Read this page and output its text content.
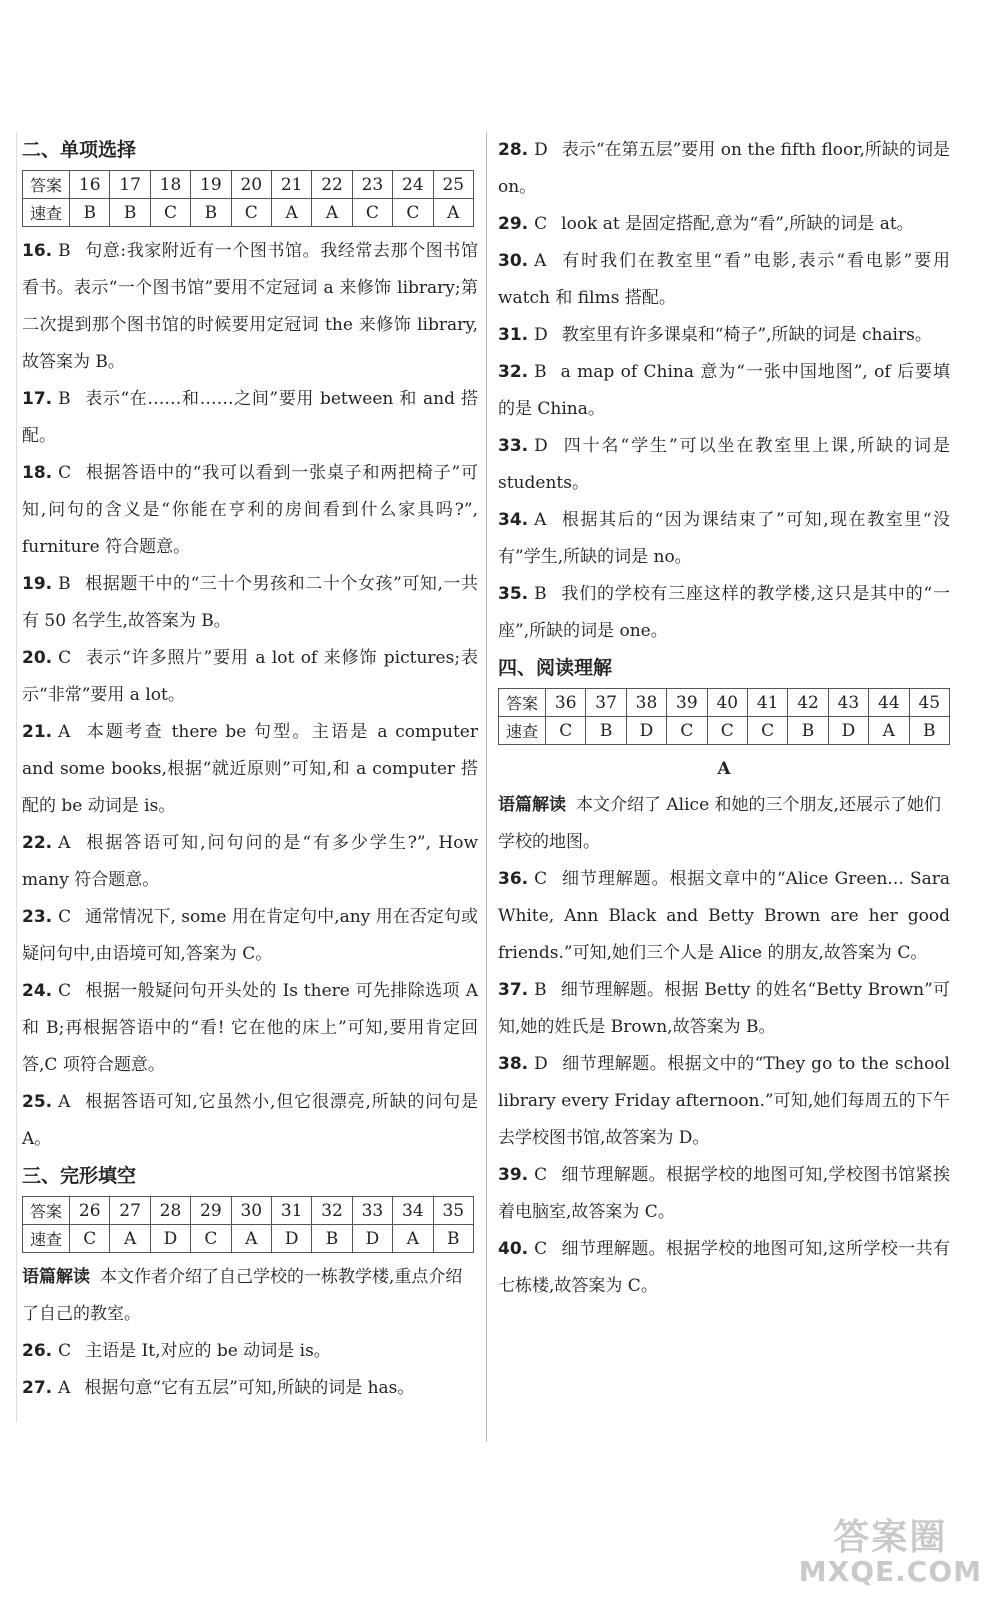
二、单项选择
答案	16	17	18	19	20	21	22	23	24	25
速查	B	B	C	B	C	A	A	C	C	A

16. B 句意:我家附近有一个图书馆。我经常去那个图书馆看书。表示“一个图书馆”要用不定冠词 a 来修饰 library;第二次提到那个图书馆的时候要用定冠词 the 来修饰 library,故答案为 B。

17. B 表示“在……和……之间”要用 between 和 and 搭配。

18. C 根据答语中的“我可以看到一张桌子和两把椅子”可知,问句的含义是“你能在亨利的房间看到什么家具吗?”, furniture 符合题意。

19. B 根据题干中的“三十个男孩和二十个女孩”可知,一共有 50 名学生,故答案为 B。

20. C 表示“许多照片”要用 a lot of 来修饰 pictures;表示“非常”要用 a lot。

21. A 本题考查 there be 句型。主语是 a computer and some books,根据“就近原则”可知,和 a computer 搭配的 be 动词是 is。

22. A 根据答语可知,问句问的是“有多少学生?”, How many 符合题意。

23. C 通常情况下, some 用在肯定句中,any 用在否定句或疑问句中,由语境可知,答案为 C。

24. C 根据一般疑问句开头处的 Is there 可先排除选项 A 和 B;再根据答语中的“看! 它在他的床上”可知,要用肯定回答,C 项符合题意。

25. A 根据答语可知,它虽然小,但它很漂亮,所缺的问句是 A。

三、完形填空
答案	26	27	28	29	30	31	32	33	34	35
速查	C	A	D	C	A	D	B	D	A	B

语篇解读 本文作者介绍了自己学校的一栋教学楼,重点介绍了自己的教室。

26. C 主语是 It,对应的 be 动词是 is。

27. A 根据句意“它有五层”可知,所缺的词是 has。

28. D 表示“在第五层”要用 on the fifth floor,所缺的词是 on。

29. C look at 是固定搭配,意为“看”,所缺的词是 at。

30. A 有时我们在教室里“看”电影,表示“看电影”要用 watch 和 films 搭配。

31. D 教室里有许多课桌和“椅子”,所缺的词是 chairs。

32. B a map of China 意为“一张中国地图”, of 后要填的是 China。

33. D 四十名“学生”可以坐在教室里上课,所缺的词是 students。

34. A 根据其后的“因为课结束了”可知,现在教室里“没有”学生,所缺的词是 no。

35. B 我们的学校有三座这样的教学楼,这只是其中的“一座”,所缺的词是 one。

四、阅读理解
答案	36	37	38	39	40	41	42	43	44	45
速查	C	B	D	C	C	C	B	D	A	B
A

语篇解读 本文介绍了 Alice 和她的三个朋友,还展示了她们学校的地图。

36. C 细节理解题。根据文章中的“Alice Green... Sara White, Ann Black and Betty Brown are her good friends.”可知,她们三个人是 Alice 的朋友,故答案为 C。

37. B 细节理解题。根据 Betty 的姓名“Betty Brown”可知,她的姓氏是 Brown,故答案为 B。

38. D 细节理解题。根据文中的“They go to the school library every Friday afternoon.”可知,她们每周五的下午去学校图书馆,故答案为 D。

39. C 细节理解题。根据学校的地图可知,学校图书馆紧挨着电脑室,故答案为 C。

40. C 细节理解题。根据学校的地图可知,这所学校一共有七栋楼,故答案为 C。

答案圈
MXQE.COM
